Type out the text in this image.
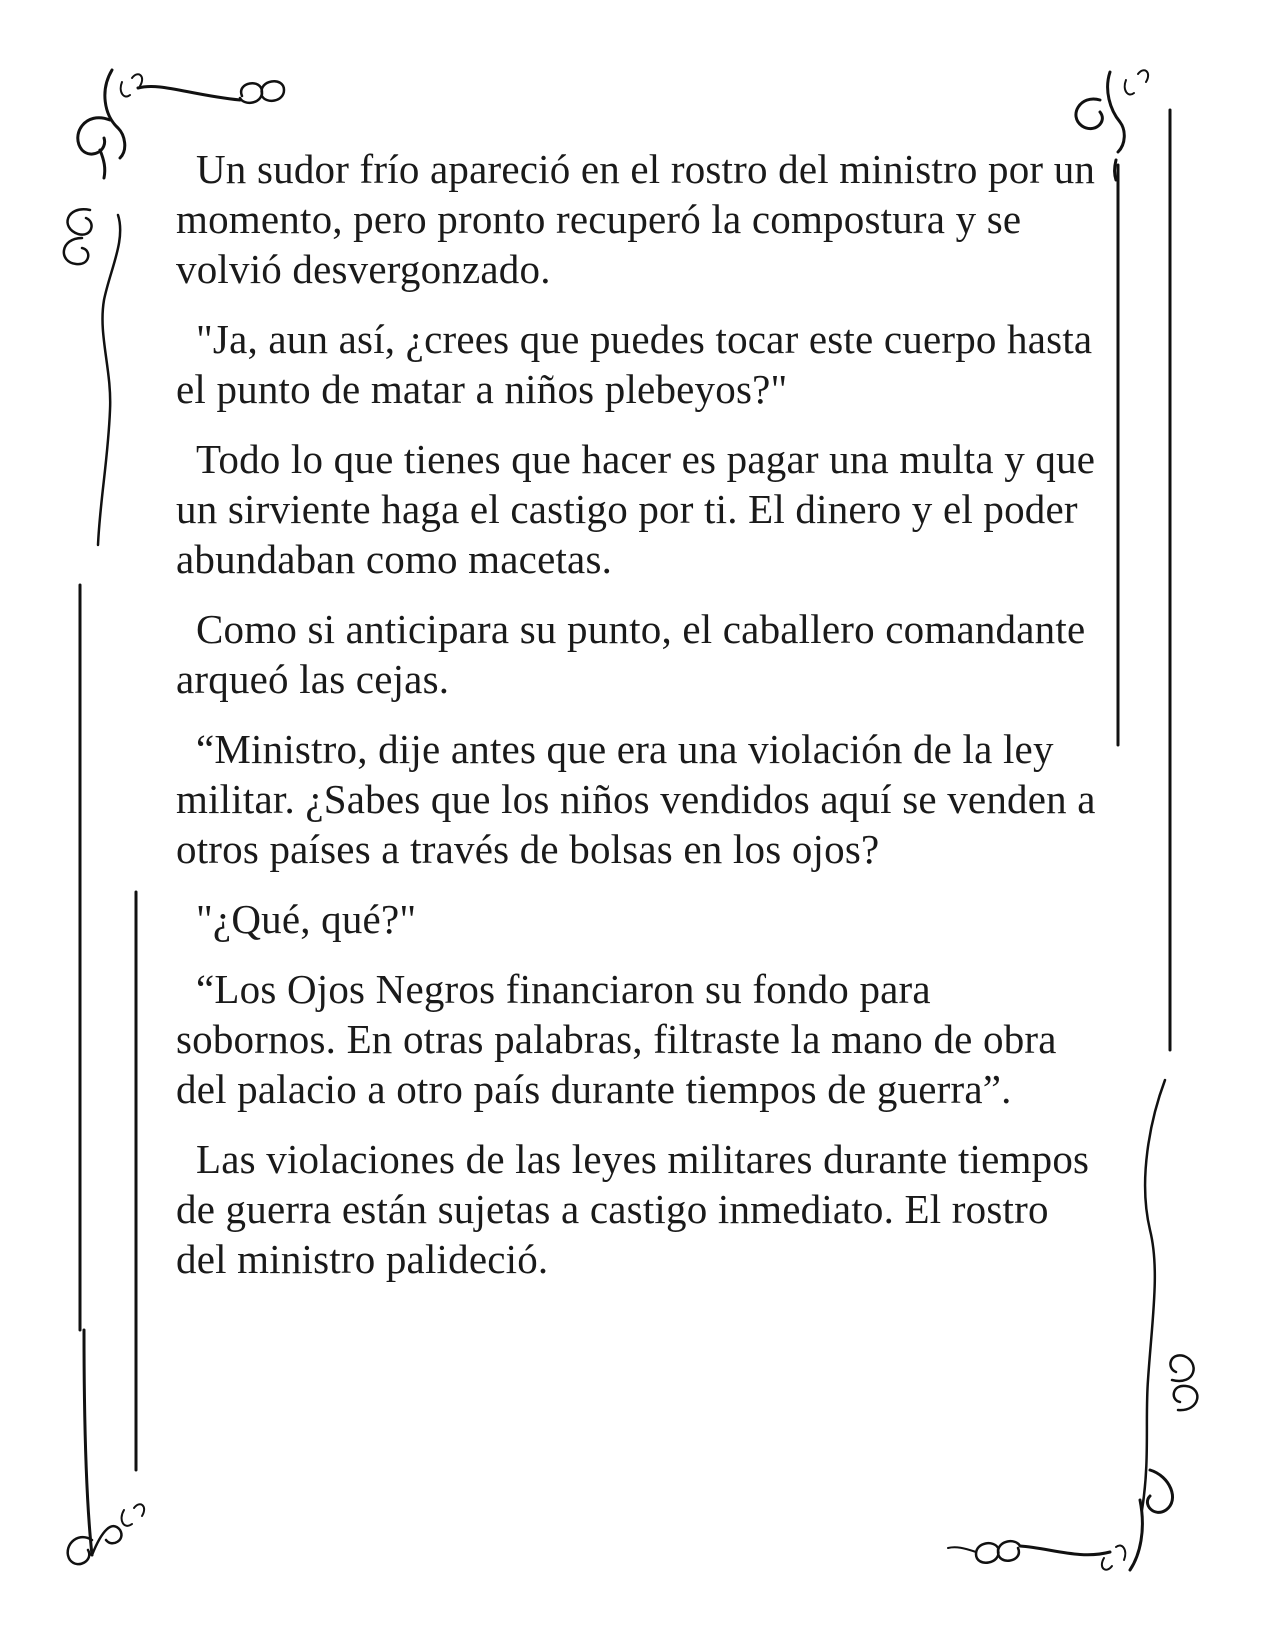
Un sudor frío apareció en el rostro del ministro por un momento, pero pronto recuperó la compostura y se volvió desvergonzado.

"Ja, aun así, ¿crees que puedes tocar este cuerpo hasta el punto de matar a niños plebeyos?"

Todo lo que tienes que hacer es pagar una multa y que un sirviente haga el castigo por ti. El dinero y el poder abundaban como macetas.

Como si anticipara su punto, el caballero comandante arqueó las cejas.

“Ministro, dije antes que era una violación de la ley militar. ¿Sabes que los niños vendidos aquí se venden a otros países a través de bolsas en los ojos?

"¿Qué, qué?"

“Los Ojos Negros financiaron su fondo para sobornos. En otras palabras, filtraste la mano de obra del palacio a otro país durante tiempos de guerra”.

Las violaciones de las leyes militares durante tiempos de guerra están sujetas a castigo inmediato. El rostro del ministro palideció.
